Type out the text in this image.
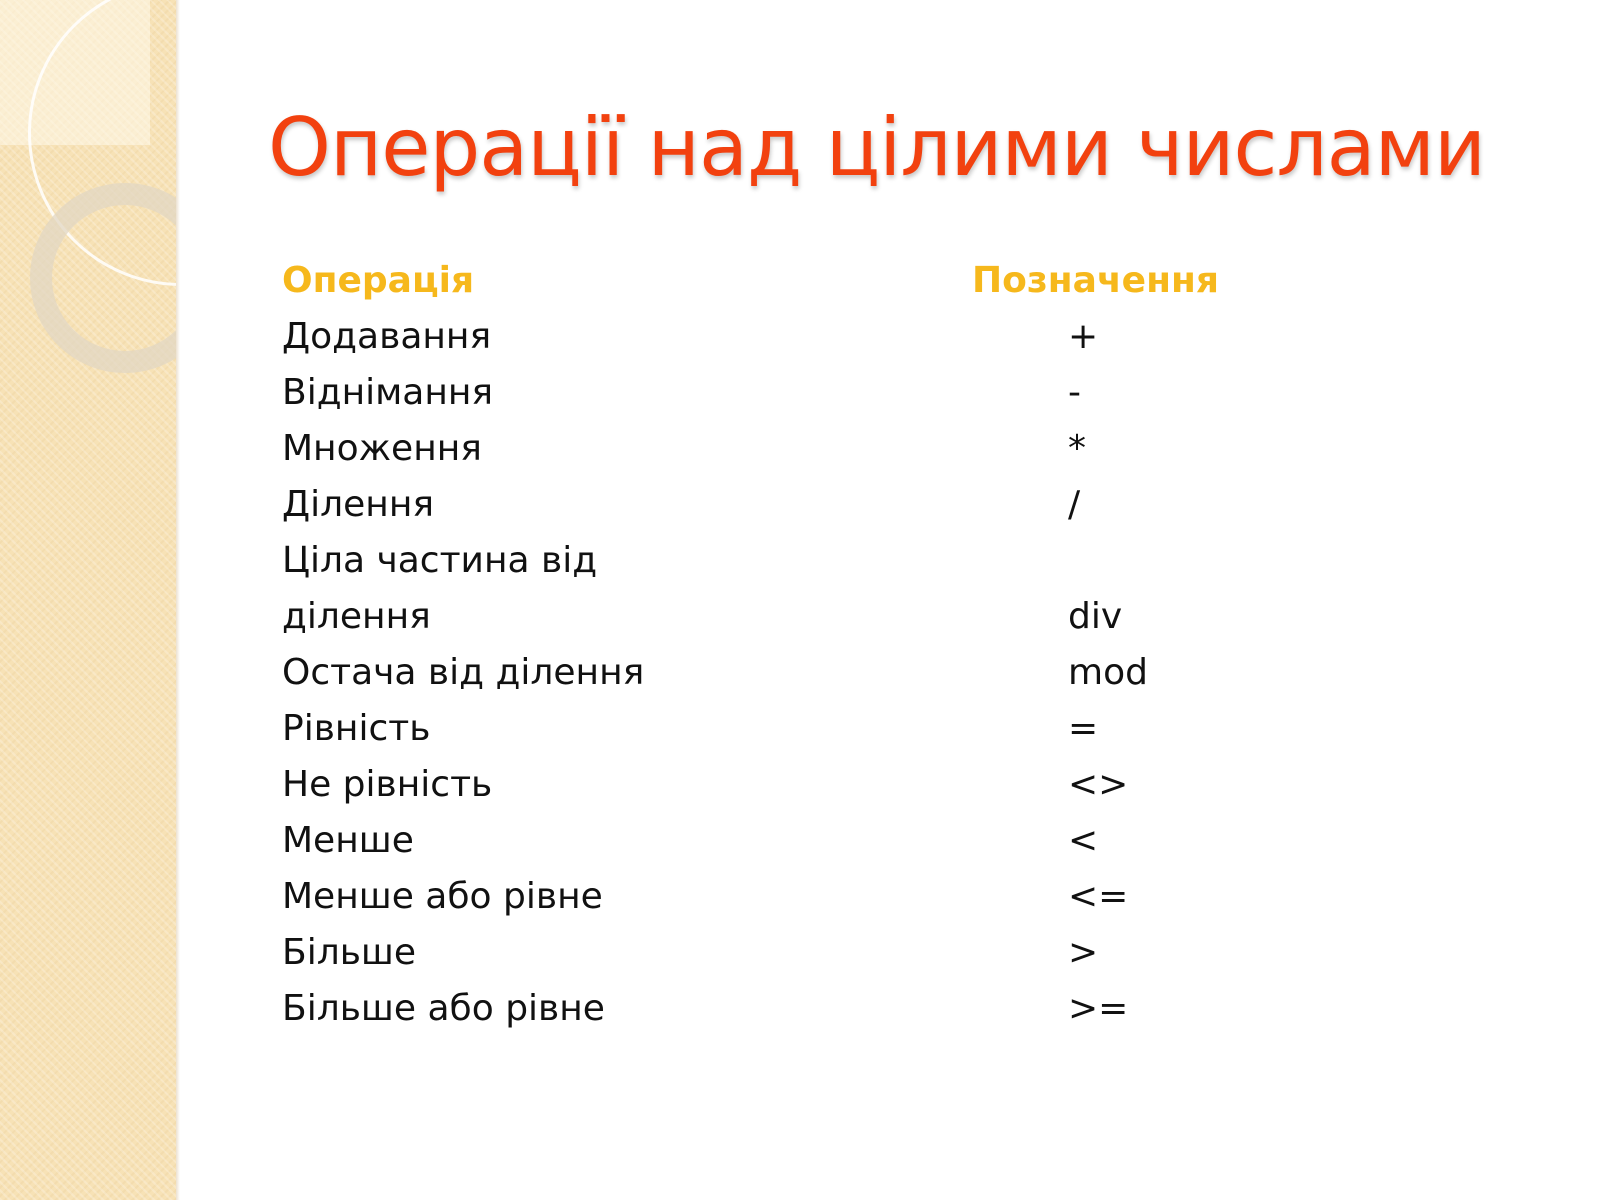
Операції над цілими числами
Операція	Позначення
Додавання	+
Віднімання	-
Множення	*
Ділення	/
Ціла частина від
ділення	div
Остача від ділення	mod
Рівність	=
Не рівність	<>
Менше	<
Менше або рівне	<=
Більше	>
Більше або рівне	>=
